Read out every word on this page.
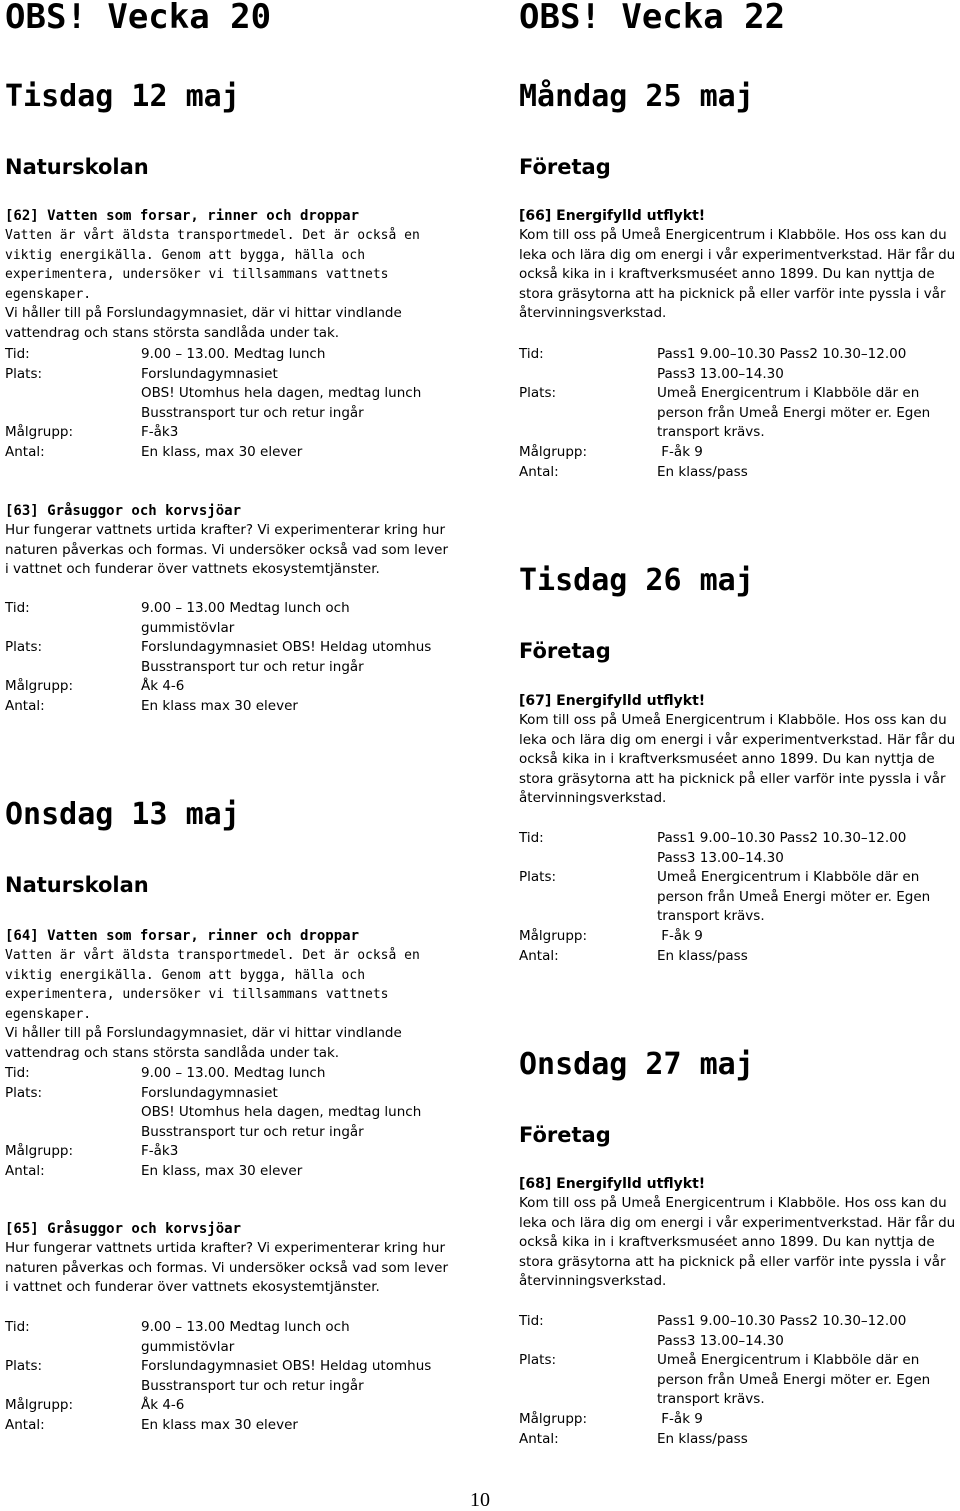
OBS! Vecka 20
Tisdag 12 maj
Naturskolan

[62] Vatten som forsar, rinner och droppar

Vatten är vårt äldsta transportmedel. Det är också en viktig energikälla. Genom att bygga, hälla och experimentera, undersöker vi tillsammans vattnets egenskaper.

Vi håller till på Forslundagymnasiet, där vi hittar vindlande vattendrag och stans största sandlåda under tak.

Tid:	9.00 – 13.00. Medtag lunch
Plats:	Forslundagymnasiet
OBS! Utomhus hela dagen, medtag lunch
Busstransport tur och retur ingår
Målgrupp:	F-åk3
Antal:	En klass, max 30 elever

[63] Gråsuggor och korvsjöar

Hur fungerar vattnets urtida krafter? Vi experimenterar kring hur naturen påverkas och formas. Vi undersöker också vad som lever i vattnet och funderar över vattnets ekosystemtjänster.

Tid:	9.00 – 13.00 Medtag lunch och gummistövlar
Plats:	Forslundagymnasiet OBS! Heldag utomhus Busstransport tur och retur ingår
Målgrupp:	Åk 4-6
Antal:	En klass max 30 elever
Onsdag 13 maj
Naturskolan

[64] Vatten som forsar, rinner och droppar

Vatten är vårt äldsta transportmedel. Det är också en viktig energikälla. Genom att bygga, hälla och experimentera, undersöker vi tillsammans vattnets egenskaper.

Vi håller till på Forslundagymnasiet, där vi hittar vindlande vattendrag och stans största sandlåda under tak.

Tid:	9.00 – 13.00. Medtag lunch
Plats:	Forslundagymnasiet
OBS! Utomhus hela dagen, medtag lunch
Busstransport tur och retur ingår
Målgrupp:	F-åk3
Antal:	En klass, max 30 elever

[65] Gråsuggor och korvsjöar

Hur fungerar vattnets urtida krafter? Vi experimenterar kring hur naturen påverkas och formas. Vi undersöker också vad som lever i vattnet och funderar över vattnets ekosystemtjänster.

Tid:	9.00 – 13.00 Medtag lunch och gummistövlar
Plats:	Forslundagymnasiet OBS! Heldag utomhus Busstransport tur och retur ingår
Målgrupp:	Åk 4-6
Antal:	En klass max 30 elever
OBS! Vecka 22
Måndag 25 maj
Företag

[66] Energifylld utflykt!

Kom till oss på Umeå Energicentrum i Klabböle. Hos oss kan du leka och lära dig om energi i vår experimentverkstad. Här får du också kika in i kraftverksmuséet anno 1899. Du kan nyttja de stora gräsytorna att ha picknick på eller varför inte pyssla i vår återvinningsverkstad.

Tid:	Pass1 9.00–10.30 Pass2 10.30–12.00 Pass3 13.00–14.30
Plats:	Umeå Energicentrum i Klabböle där en person från Umeå Energi möter er. Egen transport krävs.
Målgrupp:	F-åk 9
Antal:	En klass/pass
Tisdag 26 maj
Företag

[67] Energifylld utflykt!

Kom till oss på Umeå Energicentrum i Klabböle. Hos oss kan du leka och lära dig om energi i vår experimentverkstad. Här får du också kika in i kraftverksmuséet anno 1899. Du kan nyttja de stora gräsytorna att ha picknick på eller varför inte pyssla i vår återvinningsverkstad.

Tid:	Pass1 9.00–10.30 Pass2 10.30–12.00 Pass3 13.00–14.30
Plats:	Umeå Energicentrum i Klabböle där en person från Umeå Energi möter er. Egen transport krävs.
Målgrupp:	F-åk 9
Antal:	En klass/pass
Onsdag 27 maj
Företag

[68] Energifylld utflykt!

Kom till oss på Umeå Energicentrum i Klabböle. Hos oss kan du leka och lära dig om energi i vår experimentverkstad. Här får du också kika in i kraftverksmuséet anno 1899. Du kan nyttja de stora gräsytorna att ha picknick på eller varför inte pyssla i vår återvinningsverkstad.

Tid:	Pass1 9.00–10.30 Pass2 10.30–12.00 Pass3 13.00–14.30
Plats:	Umeå Energicentrum i Klabböle där en person från Umeå Energi möter er. Egen transport krävs.
Målgrupp:	F-åk 9
Antal:	En klass/pass
10
